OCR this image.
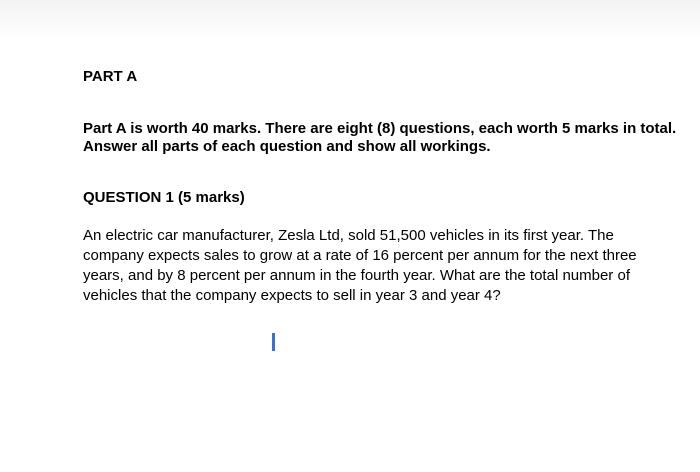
PART A
Part A is worth 40 marks. There are eight (8) questions, each worth 5 marks in total. Answer all parts of each question and show all workings.
QUESTION 1 (5 marks)
An electric car manufacturer, Zesla Ltd, sold 51,500 vehicles in its first year. The company expects sales to grow at a rate of 16 percent per annum for the next three years, and by 8 percent per annum in the fourth year. What are the total number of vehicles that the company expects to sell in year 3 and year 4?
